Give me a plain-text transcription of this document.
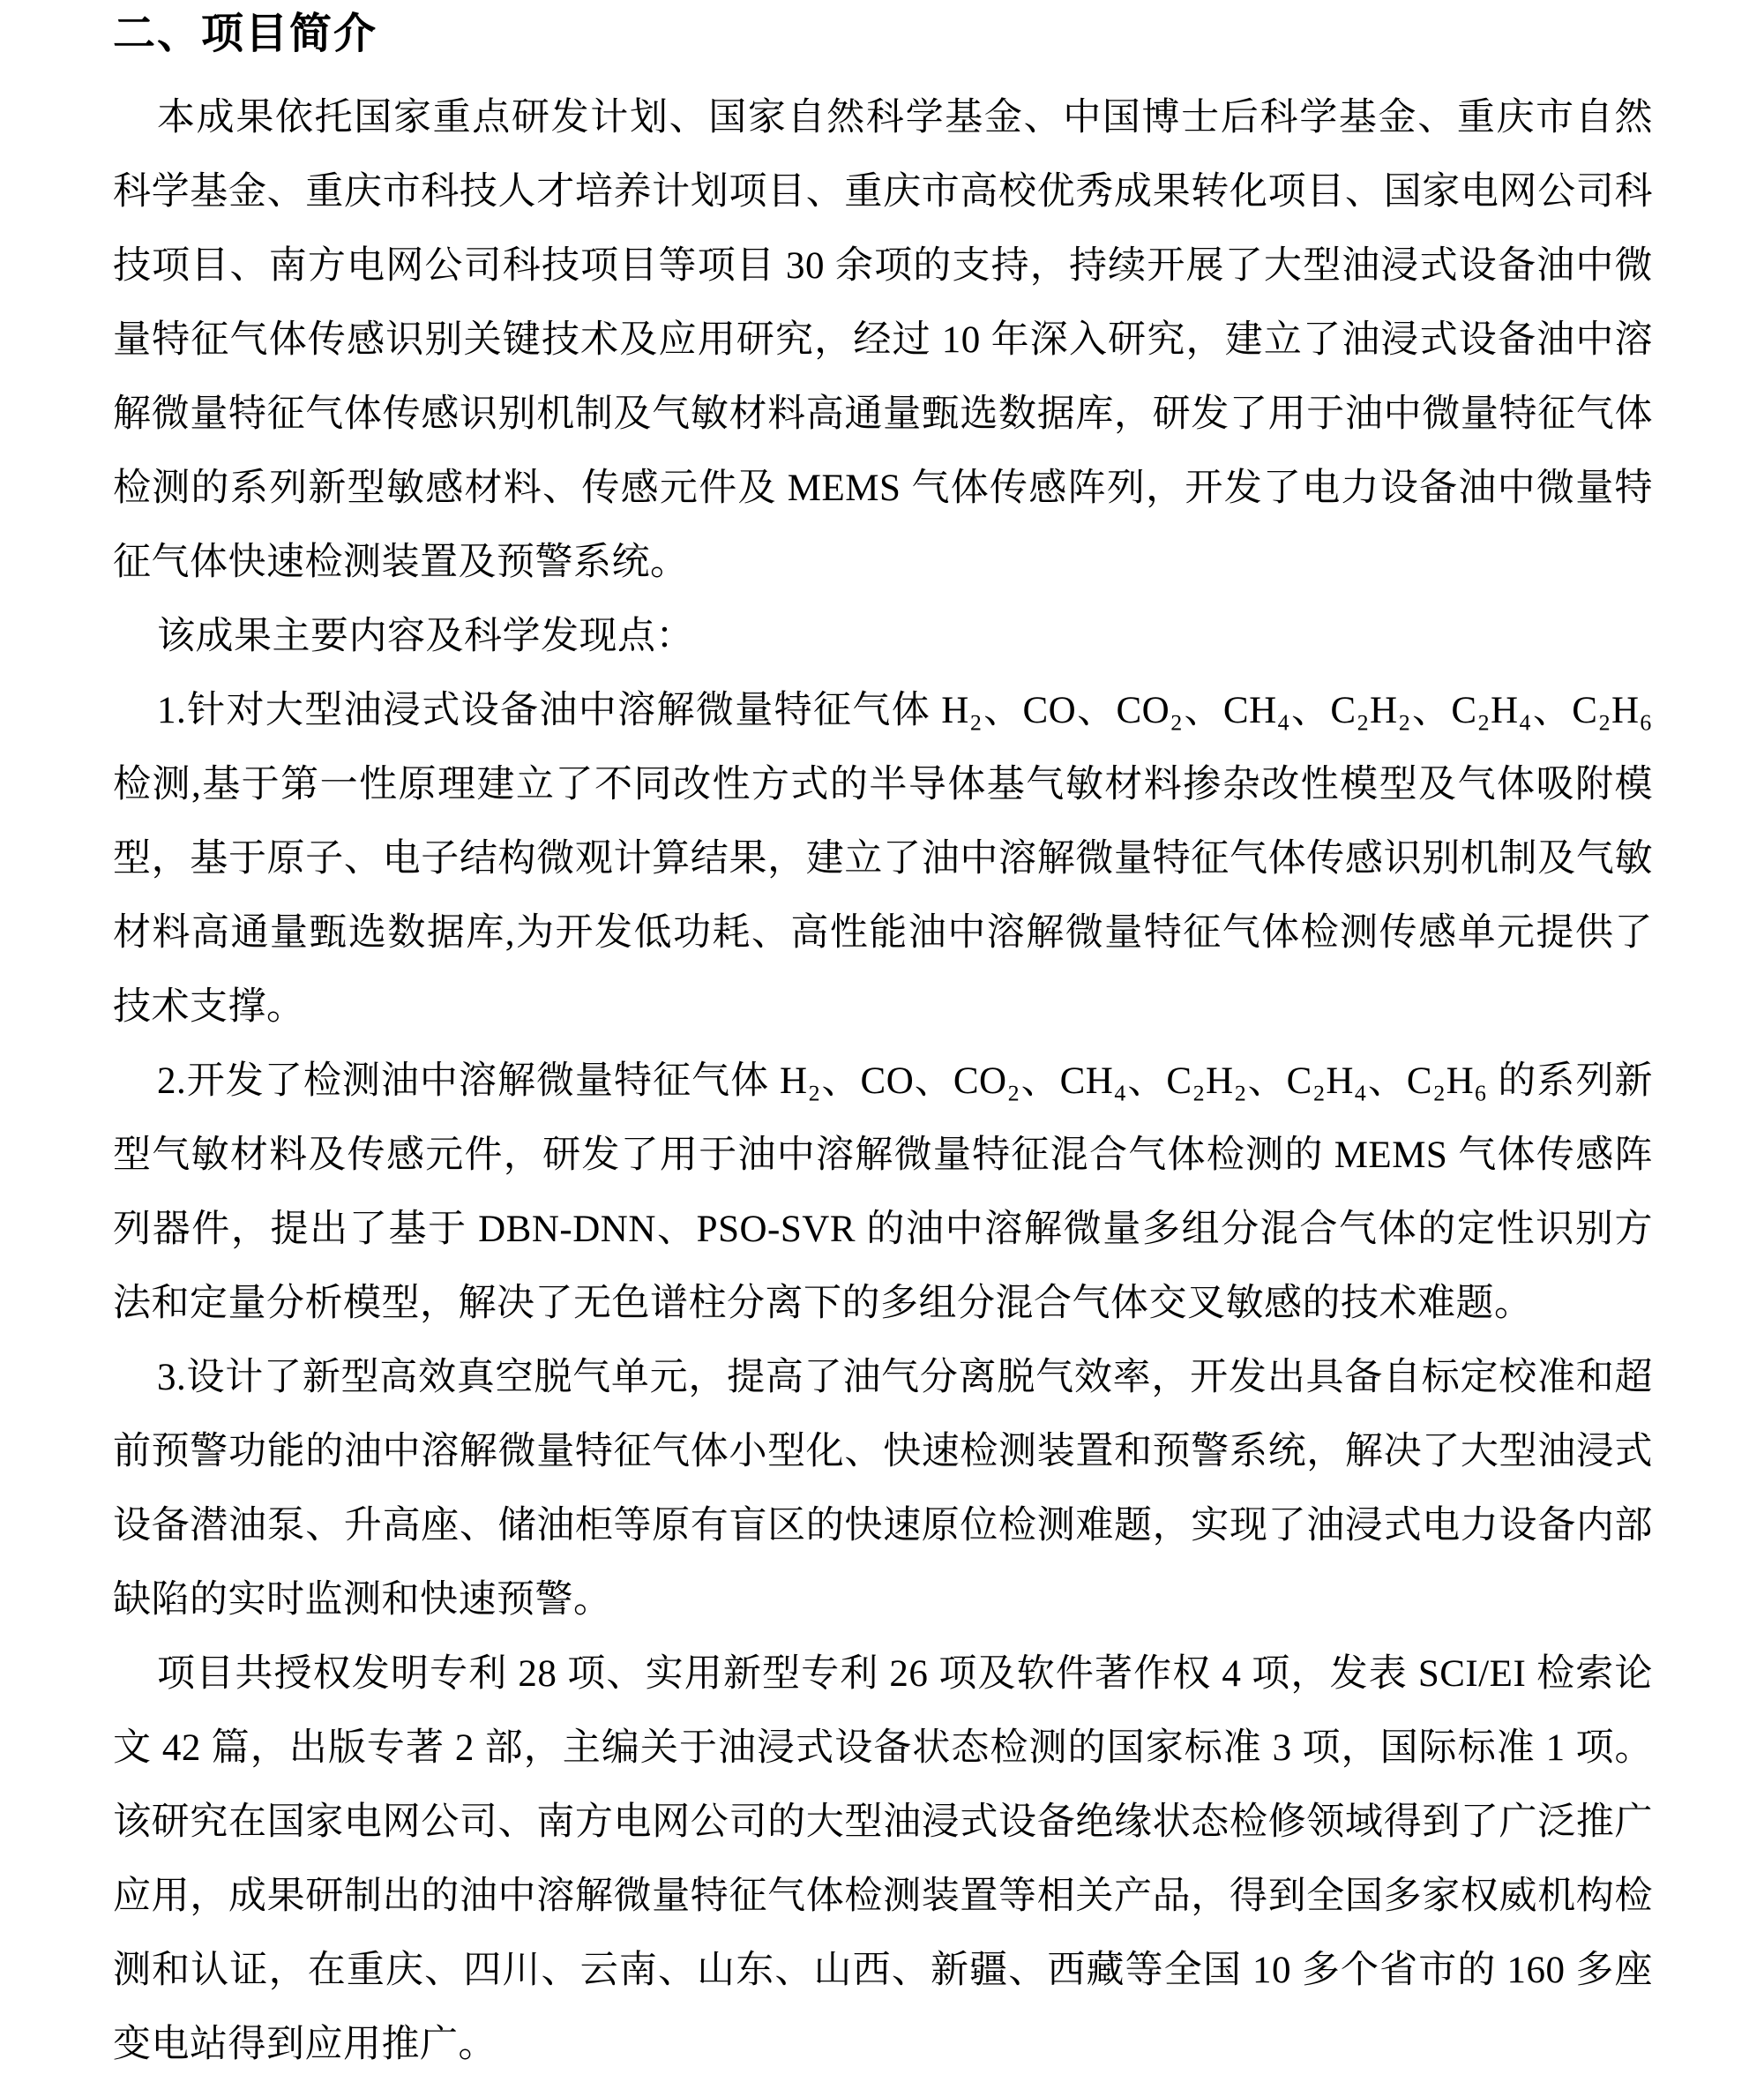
二、项目简介

本成果依托国家重点研发计划、国家自然科学基金、中国博士后科学基金、重庆市自然科学基金、重庆市科技人才培养计划项目、重庆市高校优秀成果转化项目、国家电网公司科技项目、南方电网公司科技项目等项目 30 余项的支持，持续开展了大型油浸式设备油中微量特征气体传感识别关键技术及应用研究，经过 10 年深入研究，建立了油浸式设备油中溶解微量特征气体传感识别机制及气敏材料高通量甄选数据库，研发了用于油中微量特征气体检测的系列新型敏感材料、传感元件及 MEMS 气体传感阵列，开发了电力设备油中微量特征气体快速检测装置及预警系统。

该成果主要内容及科学发现点：

1.针对大型油浸式设备油中溶解微量特征气体 H₂、CO、CO₂、CH₄、C₂H₂、C₂H₄、C₂H₆ 检测,基于第一性原理建立了不同改性方式的半导体基气敏材料掺杂改性模型及气体吸附模型，基于原子、电子结构微观计算结果，建立了油中溶解微量特征气体传感识别机制及气敏材料高通量甄选数据库,为开发低功耗、高性能油中溶解微量特征气体检测传感单元提供了技术支撑。

2.开发了检测油中溶解微量特征气体 H₂、CO、CO₂、CH₄、C₂H₂、C₂H₄、C₂H₆ 的系列新型气敏材料及传感元件，研发了用于油中溶解微量特征混合气体检测的 MEMS 气体传感阵列器件，提出了基于 DBN-DNN、PSO-SVR 的油中溶解微量多组分混合气体的定性识别方法和定量分析模型，解决了无色谱柱分离下的多组分混合气体交叉敏感的技术难题。

3.设计了新型高效真空脱气单元，提高了油气分离脱气效率，开发出具备自标定校准和超前预警功能的油中溶解微量特征气体小型化、快速检测装置和预警系统，解决了大型油浸式设备潜油泵、升高座、储油柜等原有盲区的快速原位检测难题，实现了油浸式电力设备内部缺陷的实时监测和快速预警。

项目共授权发明专利 28 项、实用新型专利 26 项及软件著作权 4 项，发表 SCI/EI 检索论文 42 篇，出版专著 2 部，主编关于油浸式设备状态检测的国家标准 3 项，国际标准 1 项。该研究在国家电网公司、南方电网公司的大型油浸式设备绝缘状态检修领域得到了广泛推广应用，成果研制出的油中溶解微量特征气体检测装置等相关产品，得到全国多家权威机构检测和认证，在重庆、四川、云南、山东、山西、新疆、西藏等全国 10 多个省市的 160 多座变电站得到应用推广。
